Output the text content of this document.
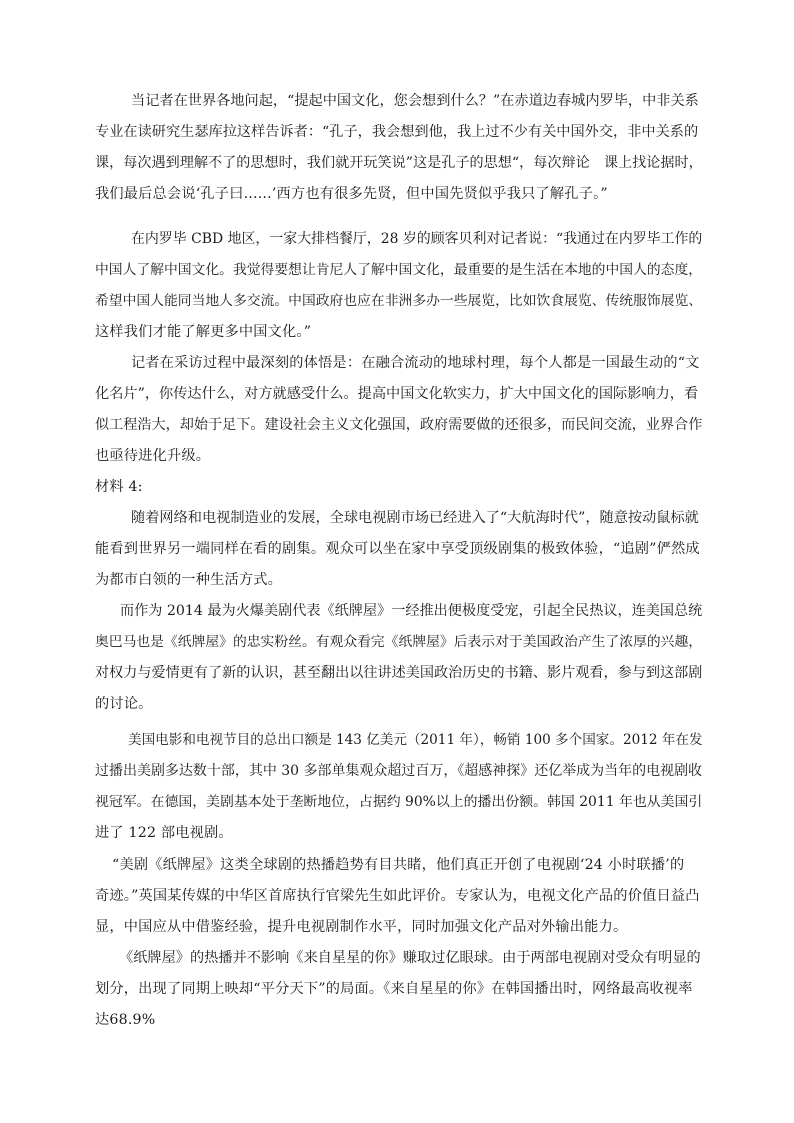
当记者在世界各地问起，“提起中国文化，您会想到什么？”在赤道边春城内罗毕，中非关系
专业在读研究生瑟库拉这样告诉者：“孔子，我会想到他，我上过不少有关中国外交，非中关系的
课，每次遇到理解不了的思想时，我们就开玩笑说”这是孔子的思想“，每次辩论　课上找论据时，
我们最后总会说‘孔子曰......’西方也有很多先贤，但中国先贤似乎我只了解孔子。”
在内罗毕 CBD 地区，一家大排档餐厅，28 岁的顾客贝利对记者说：“我通过在内罗毕工作的
中国人了解中国文化。我觉得要想让肯尼人了解中国文化，最重要的是生活在本地的中国人的态度，
希望中国人能同当地人多交流。中国政府也应在非洲多办一些展览，比如饮食展览、传统服饰展览、
这样我们才能了解更多中国文化。”
记者在采访过程中最深刻的体悟是：在融合流动的地球村理，每个人都是一国最生动的“文
化名片”，你传达什么，对方就感受什么。提高中国文化软实力，扩大中国文化的国际影响力，看
似工程浩大，却始于足下。建设社会主义文化强国，政府需要做的还很多，而民间交流，业界合作
也亟待进化升级。
材料 4:
随着网络和电视制造业的发展，全球电视剧市场已经进入了“大航海时代”，随意按动鼠标就
能看到世界另一端同样在看的剧集。观众可以坐在家中享受顶级剧集的极致体验，“追剧”俨然成
为都市白领的一种生活方式。
而作为 2014 最为火爆美剧代表《纸牌屋》一经推出便极度受宠，引起全民热议，连美国总统
奥巴马也是《纸牌屋》的忠实粉丝。有观众看完《纸牌屋》后表示对于美国政治产生了浓厚的兴趣，
对权力与爱情更有了新的认识，甚至翻出以往讲述美国政治历史的书籍、影片观看，参与到这部剧
的讨论。
美国电影和电视节目的总出口额是 143 亿美元（2011 年），畅销 100 多个国家。2012 年在发
过播出美剧多达数十部，其中 30 多部单集观众超过百万，《超感神探》还亿举成为当年的电视剧收
视冠军。在德国，美剧基本处于垄断地位，占据约 90%以上的播出份额。韩国 2011 年也从美国引
进了 122 部电视剧。
“美剧《纸牌屋》这类全球剧的热播趋势有目共睹，他们真正开创了电视剧‘24 小时联播’的
奇迹。”英国某传媒的中华区首席执行官梁先生如此评价。专家认为，电视文化产品的价值日益凸
显，中国应从中借鉴经验，提升电视剧制作水平，同时加强文化产品对外输出能力。
《纸牌屋》的热播并不影响《来自星星的你》赚取过亿眼球。由于两部电视剧对受众有明显的
划分，出现了同期上映却“平分天下”的局面。《来自星星的你》在韩国播出时，网络最高收视率
达68.9%
